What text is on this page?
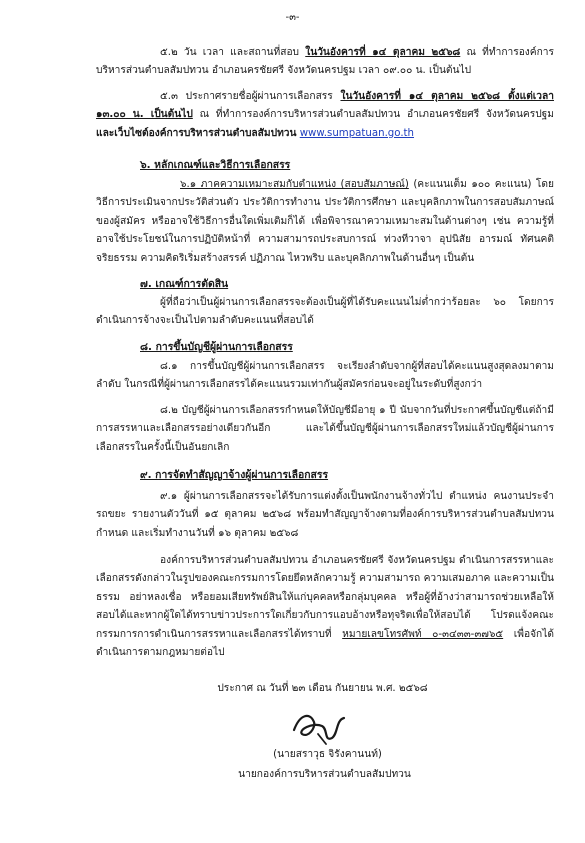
-๓-

๕.๒ วัน เวลา และสถานที่สอบ ในวันอังคารที่ ๑๔ ตุลาคม ๒๕๖๘ ณ ที่ทำการองค์การบริหารส่วนตำบลสัมปทวน อำเภอนครชัยศรี จังหวัดนครปฐม เวลา ๐๙.๐๐ น. เป็นต้นไป

๕.๓ ประกาศรายชื่อผู้ผ่านการเลือกสรร ในวันอังคารที่ ๑๔ ตุลาคม ๒๕๖๘ ตั้งแต่เวลา ๑๓.๐๐ น. เป็นต้นไป ณ ที่ทำการองค์การบริหารส่วนตำบลสัมปทวน อำเภอนครชัยศรี จังหวัดนครปฐม และเว็บไซต์องค์การบริหารส่วนตำบลสัมปทวน www.sumpatuan.go.th

๖. หลักเกณฑ์และวิธีการเลือกสรร

๖.๑ ภาคความเหมาะสมกับตำแหน่ง (สอบสัมภาษณ์) (คะแนนเต็ม ๑๐๐ คะแนน) โดยวิธีการประเมินจากประวัติส่วนตัว ประวัติการทำงาน ประวัติการศึกษา และบุคลิกภาพในการสอบสัมภาษณ์ของผู้สมัคร หรืออาจใช้วิธีการอื่นใดเพิ่มเติมก็ได้ เพื่อพิจารณาความเหมาะสมในด้านต่างๆ เช่น ความรู้ที่อาจใช้ประโยชน์ในการปฏิบัติหน้าที่ ความสามารถประสบการณ์ ท่วงทีวาจา อุปนิสัย อารมณ์ ทัศนคติ จริยธรรม ความคิดริเริ่มสร้างสรรค์ ปฏิภาณ ไหวพริบ และบุคลิกภาพในด้านอื่นๆ เป็นต้น

๗. เกณฑ์การตัดสิน

ผู้ที่ถือว่าเป็นผู้ผ่านการเลือกสรรจะต้องเป็นผู้ที่ได้รับคะแนนไม่ต่ำกว่าร้อยละ ๖๐ โดยการดำเนินการจ้างจะเป็นไปตามลำดับคะแนนที่สอบได้

๘. การขึ้นบัญชีผู้ผ่านการเลือกสรร

๘.๑ การขึ้นบัญชีผู้ผ่านการเลือกสรร จะเรียงลำดับจากผู้ที่สอบได้คะแนนสูงสุดลงมาตามลำดับ ในกรณีที่ผู้ผ่านการเลือกสรรได้คะแนนรวมเท่ากันผู้สมัครก่อนจะอยู่ในระดับที่สูงกว่า

๘.๒ บัญชีผู้ผ่านการเลือกสรรกำหนดให้บัญชีมีอายุ ๑ ปี นับจากวันที่ประกาศขึ้นบัญชีแต่ถ้ามีการสรรหาและเลือกสรรอย่างเดียวกันอีก และได้ขึ้นบัญชีผู้ผ่านการเลือกสรรใหม่แล้วบัญชีผู้ผ่านการเลือกสรรในครั้งนี้เป็นอันยกเลิก

๙. การจัดทำสัญญาจ้างผู้ผ่านการเลือกสรร

๙.๑ ผู้ผ่านการเลือกสรรจะได้รับการแต่งตั้งเป็นพนักงานจ้างทั่วไป ตำแหน่ง คนงานประจำรถขยะ รายงานตัววันที่ ๑๕ ตุลาคม ๒๕๖๘ พร้อมทำสัญญาจ้างตามที่องค์การบริหารส่วนตำบลสัมปทวนกำหนด และเริ่มทำงานวันที่ ๑๖ ตุลาคม ๒๕๖๘

องค์การบริหารส่วนตำบลสัมปทวน อำเภอนครชัยศรี จังหวัดนครปฐม ดำเนินการสรรหาและเลือกสรรดังกล่าวในรูปของคณะกรรมการโดยยึดหลักความรู้ ความสามารถ ความเสมอภาค และความเป็นธรรม อย่าหลงเชื่อ หรือยอมเสียทรัพย์สินให้แก่บุคคลหรือกลุ่มบุคคล หรือผู้ที่อ้างว่าสามารถช่วยเหลือให้สอบได้และหากผู้ใดได้ทราบข่าวประการใดเกี่ยวกับการแอบอ้างหรือทุจริตเพื่อให้สอบได้ โปรดแจ้งคณะกรรมการการดำเนินการสรรหาและเลือกสรรได้ทราบที่ หมายเลขโทรศัพท์ ๐-๓๔๓๓-๓๗๖๕ เพื่อจักได้ดำเนินการตามกฎหมายต่อไป

ประกาศ ณ วันที่ ๒๓ เดือน กันยายน พ.ศ. ๒๕๖๘

(นายสราวุธ จิรังคานนท์)

นายกองค์การบริหารส่วนตำบลสัมปทวน
